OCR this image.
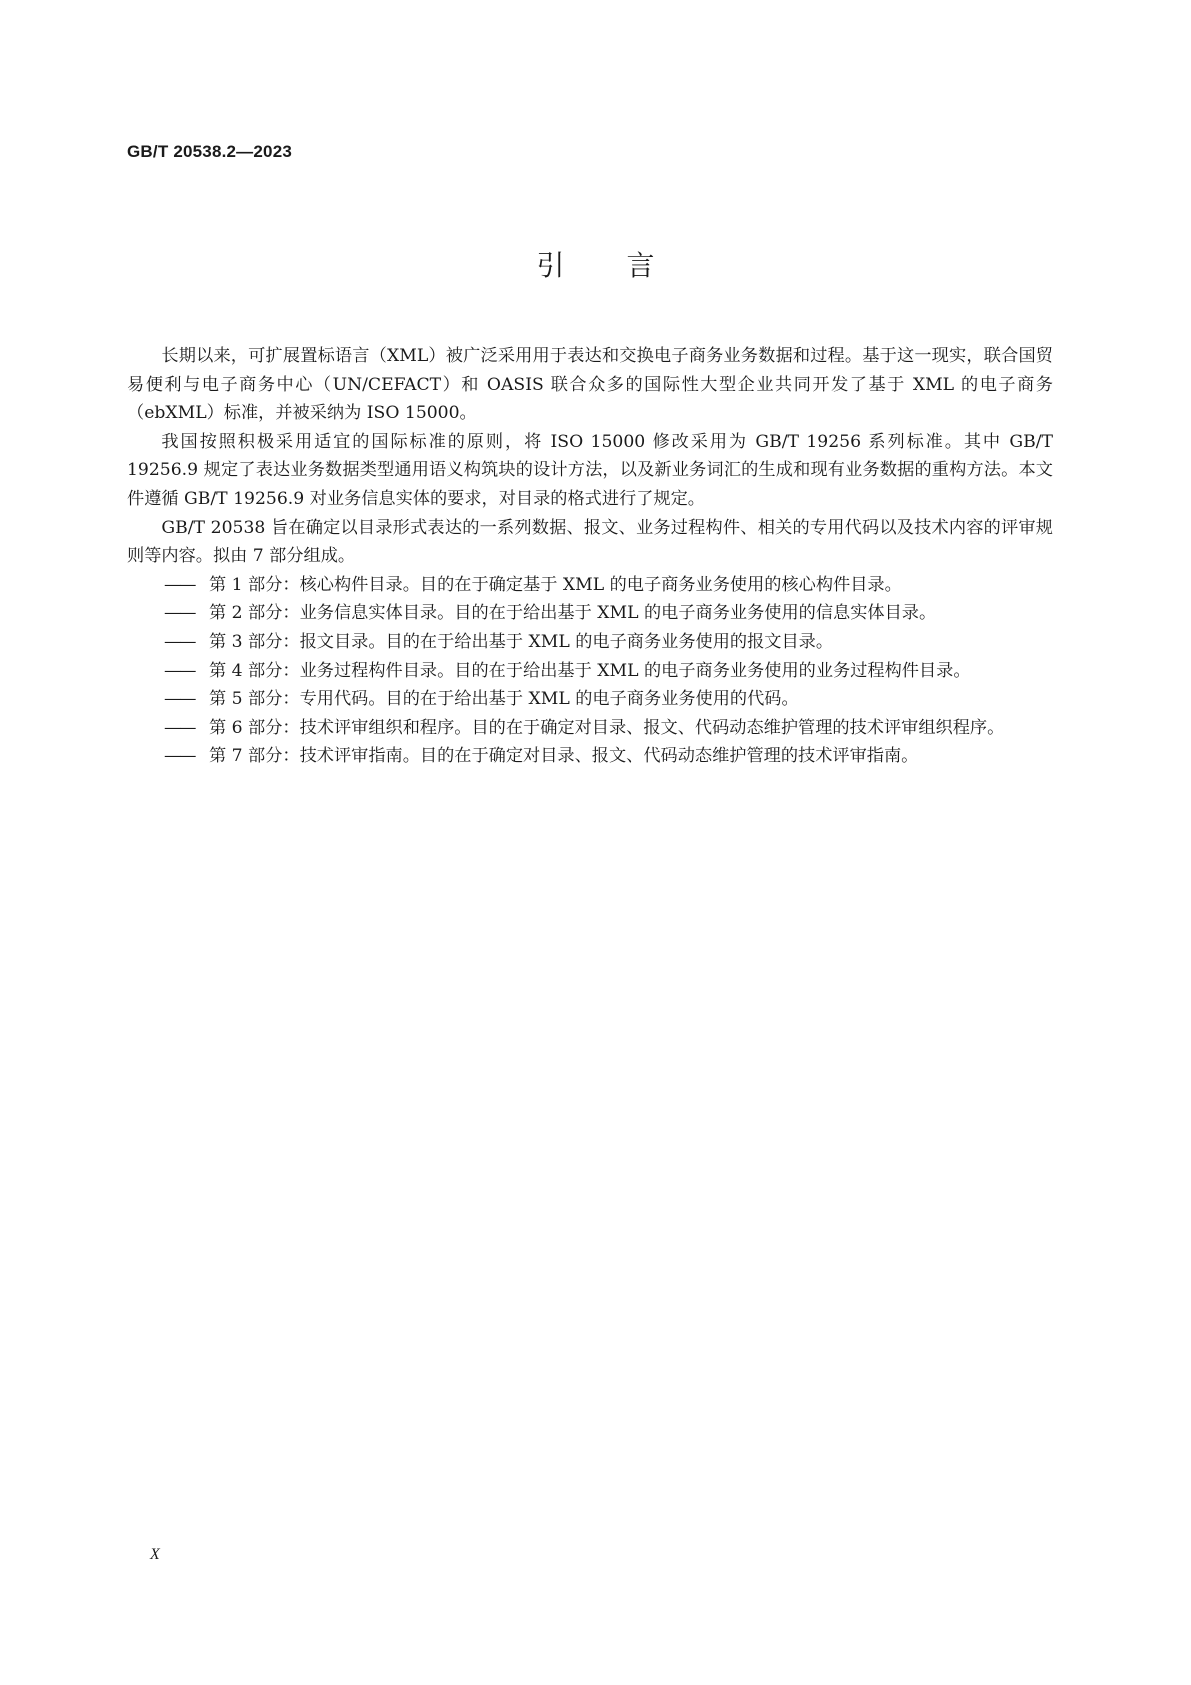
GB/T 20538.2—2023
引言

长期以来，可扩展置标语言（XML）被广泛采用用于表达和交换电子商务业务数据和过程。基于这一现实，联合国贸易便利与电子商务中心（UN/CEFACT）和 OASIS 联合众多的国际性大型企业共同开发了基于 XML 的电子商务（ebXML）标准，并被采纳为 ISO 15000。

我国按照积极采用适宜的国际标准的原则，将 ISO 15000 修改采用为 GB/T 19256 系列标准。其中 GB/T 19256.9 规定了表达业务数据类型通用语义构筑块的设计方法，以及新业务词汇的生成和现有业务数据的重构方法。本文件遵循 GB/T 19256.9 对业务信息实体的要求，对目录的格式进行了规定。

GB/T 20538 旨在确定以目录形式表达的一系列数据、报文、业务过程构件、相关的专用代码以及技术内容的评审规则等内容。拟由 7 部分组成。

—— 第 1 部分：核心构件目录。目的在于确定基于 XML 的电子商务业务使用的核心构件目录。
—— 第 2 部分：业务信息实体目录。目的在于给出基于 XML 的电子商务业务使用的信息实体目录。
—— 第 3 部分：报文目录。目的在于给出基于 XML 的电子商务业务使用的报文目录。
—— 第 4 部分：业务过程构件目录。目的在于给出基于 XML 的电子商务业务使用的业务过程构件目录。
—— 第 5 部分：专用代码。目的在于给出基于 XML 的电子商务业务使用的代码。
—— 第 6 部分：技术评审组织和程序。目的在于确定对目录、报文、代码动态维护管理的技术评审组织程序。
—— 第 7 部分：技术评审指南。目的在于确定对目录、报文、代码动态维护管理的技术评审指南。
X
